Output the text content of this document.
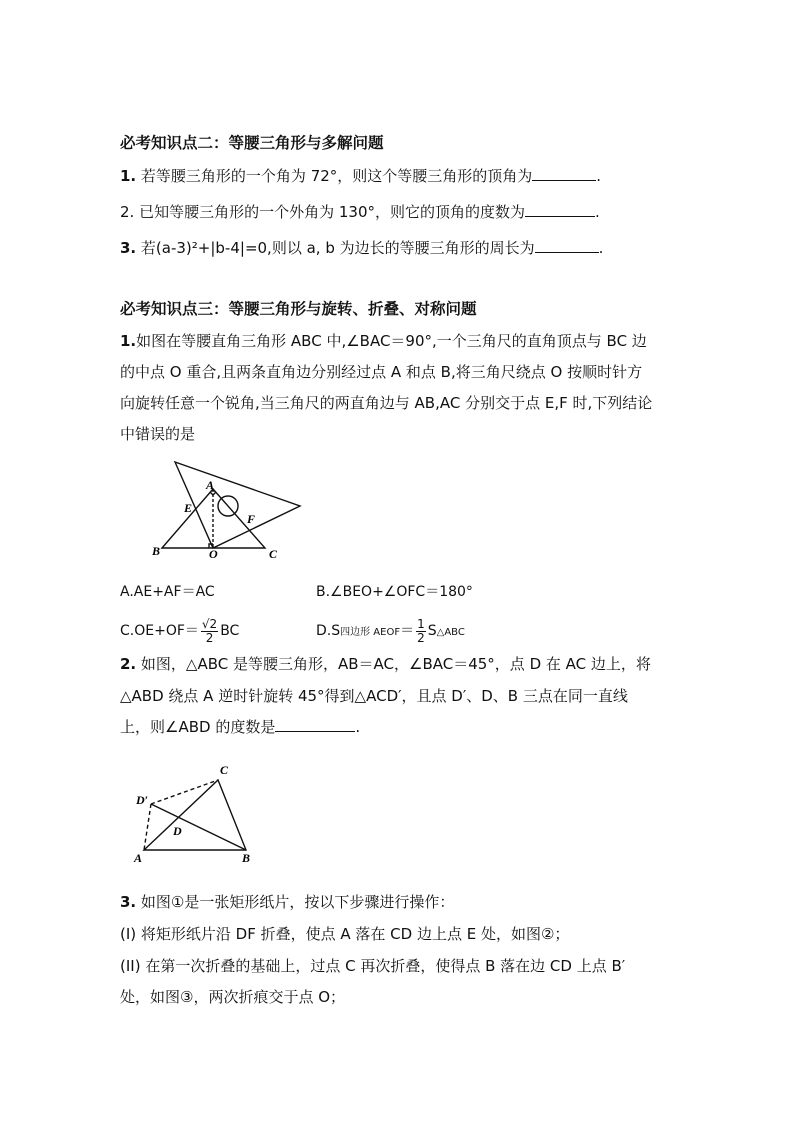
必考知识点二：等腰三角形与多解问题
1. 若等腰三角形的一个角为 72°，则这个等腰三角形的顶角为	.
2. 已知等腰三角形的一个外角为 130°，则它的顶角的度数为	.
3. 若(a-3)²+|b-4|=0,则以 a, b 为边长的等腰三角形的周长为	.
必考知识点三：等腰三角形与旋转、折叠、对称问题
1.如图在等腰直角三角形 ABC 中,∠BAC＝90°,一个三角尺的直角顶点与 BC 边
的中点 O 重合,且两条直角边分别经过点 A 和点 B,将三角尺绕点 O 按顺时针方
向旋转任意一个锐角,当三角尺的两直角边与 AB,AC 分别交于点 E,F 时,下列结论
中错误的是
A
E
F
B	O	C
A.AE+AF＝AC	B.∠BEO+∠OFC＝180°
$C.OE+OF= \frac{√2}{2}$ BC	D.S四边形 AEOF＝ $\frac{1}{2}$ S△ABC
2. 如图，△ABC 是等腰三角形，AB＝AC，∠BAC＝45°，点 D 在 AC 边上，将
△ABD 绕点 A 逆时针旋转 45°得到△ACD′，且点 D′、D、B 三点在同一直线
上，则∠ABD 的度数是	.
D′
C
D
A	B
3. 如图①是一张矩形纸片，按以下步骤进行操作：
(I) 将矩形纸片沿 DF 折叠，使点 A 落在 CD 边上点 E 处，如图②；
(II) 在第一次折叠的基础上，过点 C 再次折叠，使得点 B 落在边 CD 上点 B′
处，如图③，两次折痕交于点 O；
